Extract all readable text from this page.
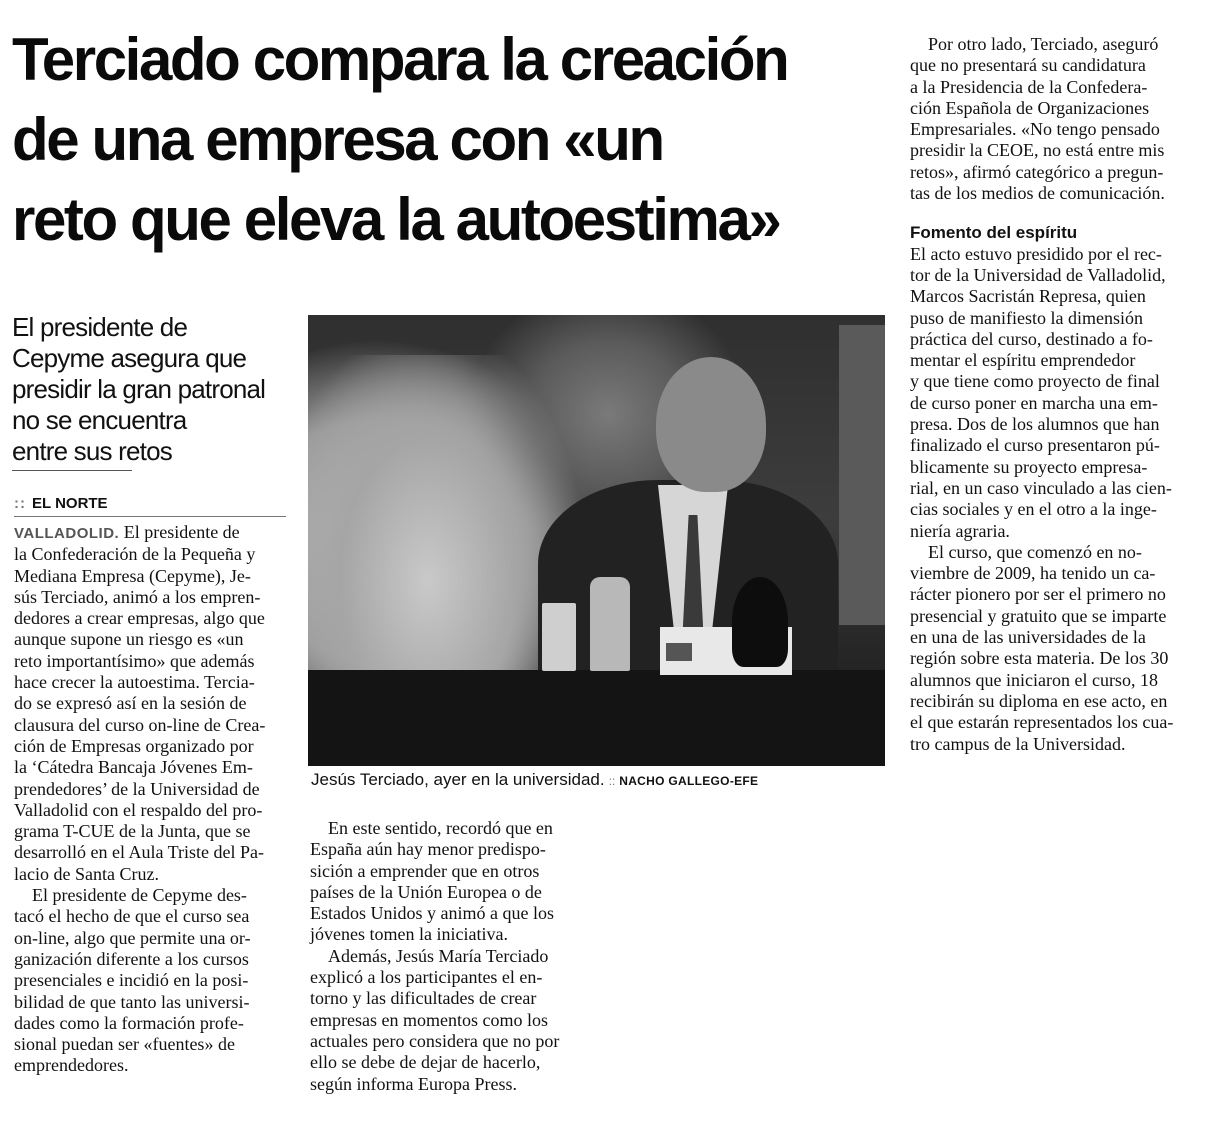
Terciado compara la creación
de una empresa con «un
reto que eleva la autoestima»
El presidente de
Cepyme asegura que
presidir la gran patronal
no se encuentra
entre sus retos
:: EL NORTE
VALLADOLID. El presidente de
la Confederación de la Pequeña y
Mediana Empresa (Cepyme), Je-
sús Terciado, animó a los empren-
dedores a crear empresas, algo que
aunque supone un riesgo es «un
reto importantísimo» que además
hace crecer la autoestima. Tercia-
do se expresó así en la sesión de
clausura del curso on-line de Crea-
ción de Empresas organizado por
la ‘Cátedra Bancaja Jóvenes Em-
prendedores’ de la Universidad de
Valladolid con el respaldo del pro-
grama T-CUE de la Junta, que se
desarrolló en el Aula Triste del Pa-
lacio de Santa Cruz.
El presidente de Cepyme des-
tacó el hecho de que el curso sea
on-line, algo que permite una or-
ganización diferente a los cursos
presenciales e incidió en la posi-
bilidad de que tanto las universi-
dades como la formación profe-
sional puedan ser «fuentes» de
emprendedores.
Jesús Terciado, ayer en la universidad. :: NACHO GALLEGO-EFE
En este sentido, recordó que en
España aún hay menor predispo-
sición a emprender que en otros
países de la Unión Europea o de
Estados Unidos y animó a que los
jóvenes tomen la iniciativa.
Además, Jesús María Terciado
explicó a los participantes el en-
torno y las dificultades de crear
empresas en momentos como los
actuales pero considera que no por
ello se debe de dejar de hacerlo,
según informa Europa Press.
Por otro lado, Terciado, aseguró
que no presentará su candidatura
a la Presidencia de la Confedera-
ción Española de Organizaciones
Empresariales. «No tengo pensado
presidir la CEOE, no está entre mis
retos», afirmó categórico a pregun-
tas de los medios de comunicación.
Fomento del espíritu
El acto estuvo presidido por el rec-
tor de la Universidad de Valladolid,
Marcos Sacristán Represa, quien
puso de manifiesto la dimensión
práctica del curso, destinado a fo-
mentar el espíritu emprendedor
y que tiene como proyecto de final
de curso poner en marcha una em-
presa. Dos de los alumnos que han
finalizado el curso presentaron pú-
blicamente su proyecto empresa-
rial, en un caso vinculado a las cien-
cias sociales y en el otro a la inge-
niería agraria.
El curso, que comenzó en no-
viembre de 2009, ha tenido un ca-
rácter pionero por ser el primero no
presencial y gratuito que se imparte
en una de las universidades de la
región sobre esta materia. De los 30
alumnos que iniciaron el curso, 18
recibirán su diploma en ese acto, en
el que estarán representados los cua-
tro campus de la Universidad.
